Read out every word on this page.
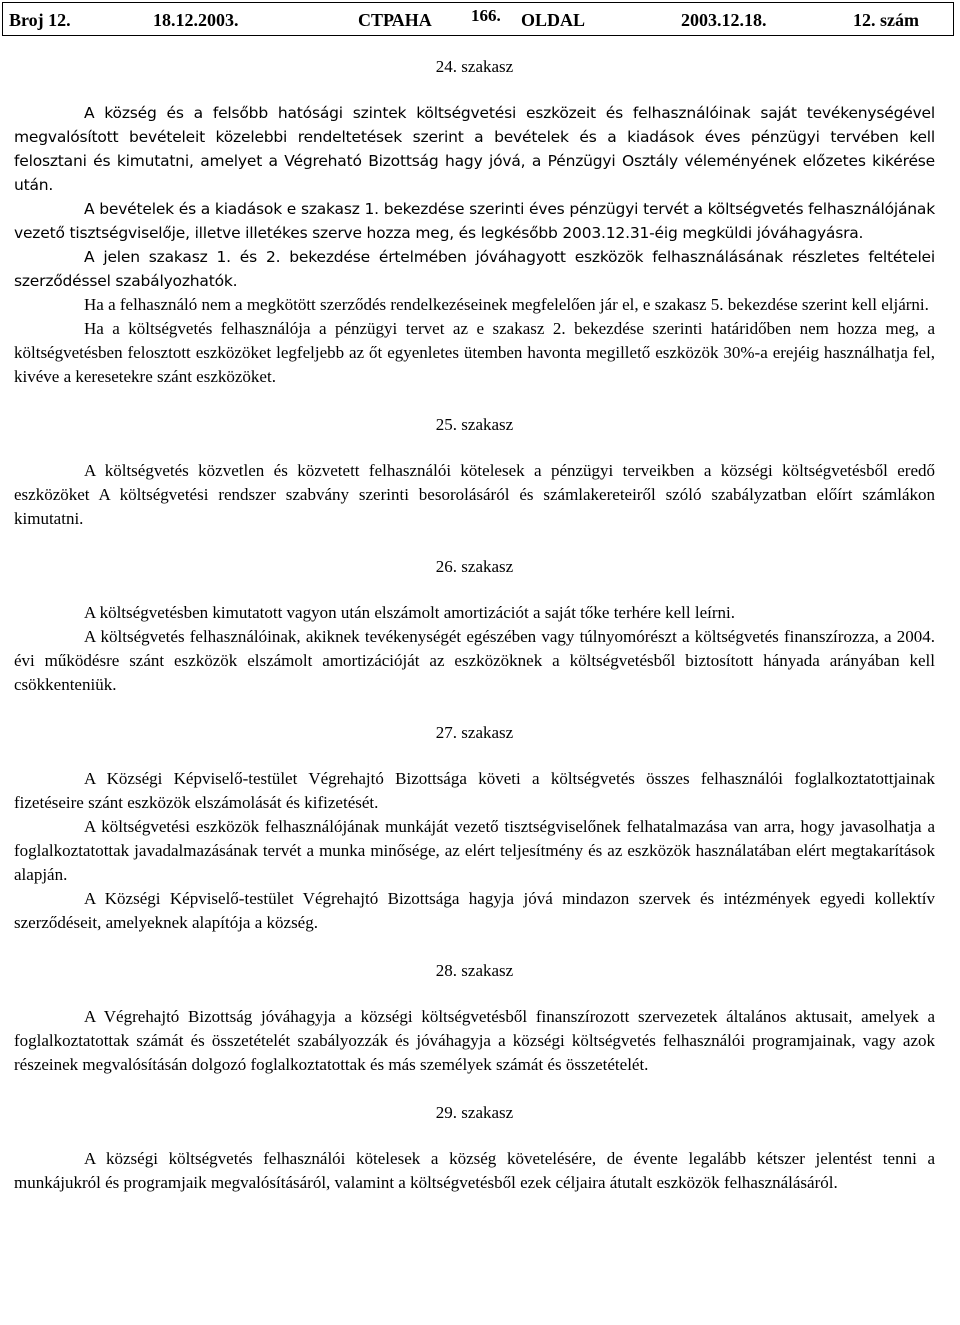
Broj 12.	18.12.2003.	СТРАНА 166. OLDAL	2003.12.18.	12. szám
24. szakasz

A község és a felsőbb hatósági szintek költségvetési eszközeit és felhasználóinak saját tevékenységével megvalósított bevételeit közelebbi rendeltetések szerint a bevételek és a kiadások éves pénzügyi tervében kell felosztani és kimutatni, amelyet a Végreható Bizottság hagy jóvá, a Pénzügyi Osztály véleményének előzetes kikérése után.

A bevételek és a kiadások e szakasz 1. bekezdése szerinti éves pénzügyi tervét a költségvetés felhasználójának vezető tisztségviselője, illetve illetékes szerve hozza meg, és legkésőbb 2003.12.31-éig megküldi jóváhagyásra.

A jelen szakasz 1. és 2. bekezdése értelmében jóváhagyott eszközök felhasználásának részletes feltételei szerződéssel szabályozhatók.

Ha a felhasználó nem a megkötött szerződés rendelkezéseinek megfelelően jár el, e szakasz 5. bekezdése szerint kell eljárni.

Ha a költségvetés felhasználója a pénzügyi tervet az e szakasz 2. bekezdése szerinti határidőben nem hozza meg, a költségvetésben felosztott eszközöket legfeljebb az őt egyenletes ütemben havonta megillető eszközök 30%-a erejéig használhatja fel, kivéve a keresetekre szánt eszközöket.

25. szakasz

A költségvetés közvetlen és közvetett felhasználói kötelesek a pénzügyi terveikben a községi költségvetésből eredő eszközöket A költségvetési rendszer szabvány szerinti besorolásáról és számlakereteiről szóló szabályzatban előírt számlákon kimutatni.

26. szakasz

A költségvetésben kimutatott vagyon után elszámolt amortizációt a saját tőke terhére kell leírni.

A költségvetés felhasználóinak, akiknek tevékenységét egészében vagy túlnyomórészt a költségvetés finanszírozza, a 2004. évi működésre szánt eszközök elszámolt amortizációját az eszközöknek a költségvetésből biztosított hányada arányában kell csökkenteniük.

27. szakasz

A Községi Képviselő-testület Végrehajtó Bizottsága követi a költségvetés összes felhasználói foglalkoztatottjainak fizetéseire szánt eszközök elszámolását és kifizetését.

A költségvetési eszközök felhasználójának munkáját vezető tisztségviselőnek felhatalmazása van arra, hogy javasolhatja a foglalkoztatottak javadalmazásának tervét a munka minősége, az elért teljesítmény és az eszközök használatában elért megtakarítások alapján.

A Községi Képviselő-testület Végrehajtó Bizottsága hagyja jóvá mindazon szervek és intézmények egyedi kollektív szerződéseit, amelyeknek alapítója a község.

28. szakasz

A Végrehajtó Bizottság jóváhagyja a községi költségvetésből finanszírozott szervezetek általános aktusait, amelyek a foglalkoztatottak számát és összetételét szabályozzák és jóváhagyja a községi költségvetés felhasználói programjainak, vagy azok részeinek megvalósításán dolgozó foglalkoztatottak és más személyek számát és összetételét.

29. szakasz

A községi költségvetés felhasználói kötelesek a község követelésére, de évente legalább kétszer jelentést tenni a munkájukról és programjaik megvalósításáról, valamint a költségvetésből ezek céljaira átutalt eszközök felhasználásáról.
